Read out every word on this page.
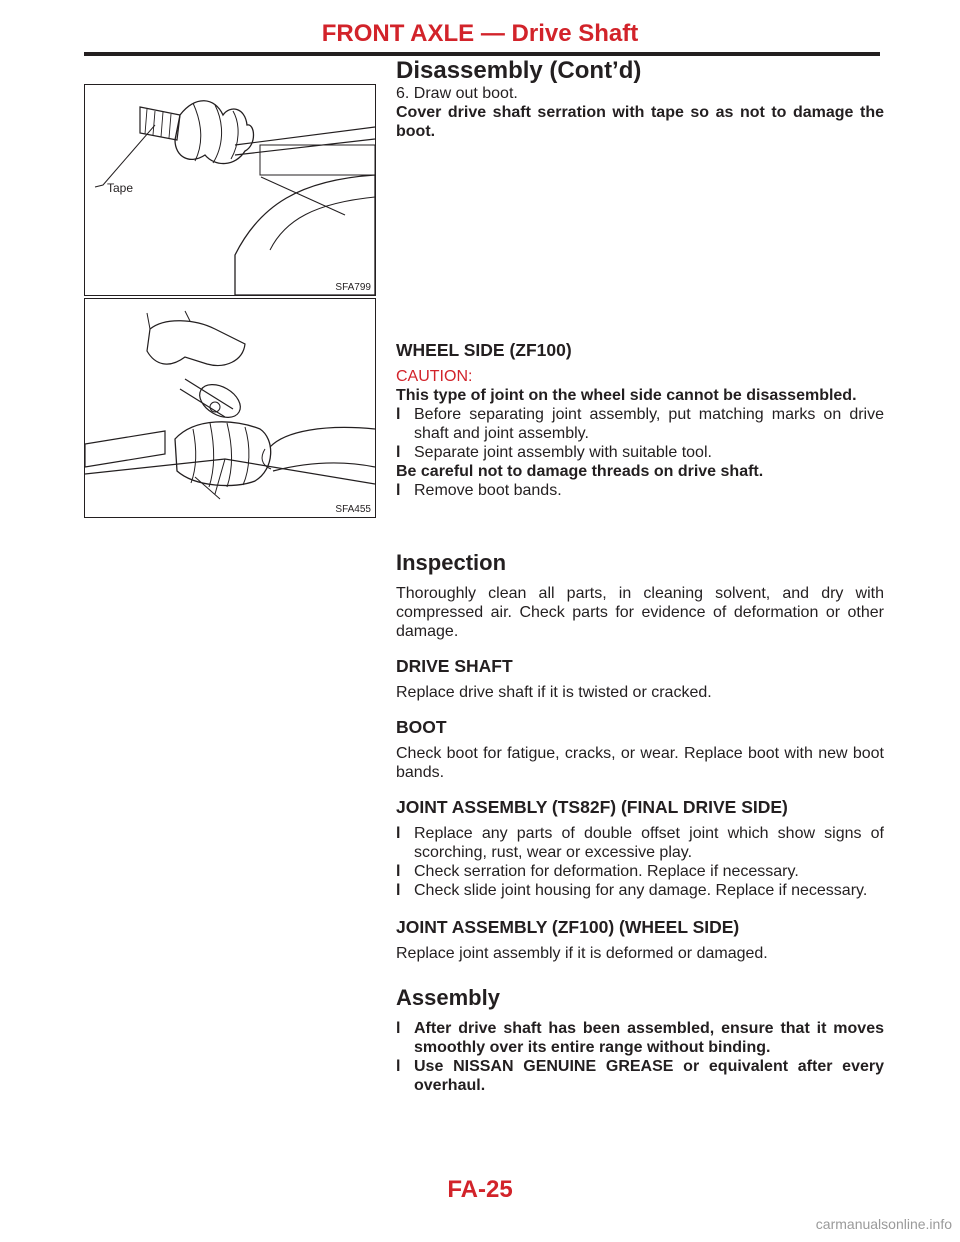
FRONT AXLE — Drive Shaft
Disassembly (Cont’d)
Tape
SFA799
SFA455

6. Draw out boot.

Cover drive shaft serration with tape so as not to damage the boot.

WHEEL SIDE (ZF100)

CAUTION:

This type of joint on the wheel side cannot be disassembled.

l Before separating joint assembly, put matching marks on drive shaft and joint assembly.
l Separate joint assembly with suitable tool.

Be careful not to damage threads on drive shaft.

l Remove boot bands.
Inspection

Thoroughly clean all parts, in cleaning solvent, and dry with compressed air. Check parts for evidence of deformation or other damage.

DRIVE SHAFT

Replace drive shaft if it is twisted or cracked.

BOOT

Check boot for fatigue, cracks, or wear. Replace boot with new boot bands.

JOINT ASSEMBLY (TS82F) (FINAL DRIVE SIDE)
l Replace any parts of double offset joint which show signs of scorching, rust, wear or excessive play.
l Check serration for deformation. Replace if necessary.
l Check slide joint housing for any damage. Replace if necessary.
JOINT ASSEMBLY (ZF100) (WHEEL SIDE)

Replace joint assembly if it is deformed or damaged.

Assembly
l After drive shaft has been assembled, ensure that it moves smoothly over its entire range without binding.
l Use NISSAN GENUINE GREASE or equivalent after every overhaul.

FA-25

carmanualsonline.info
